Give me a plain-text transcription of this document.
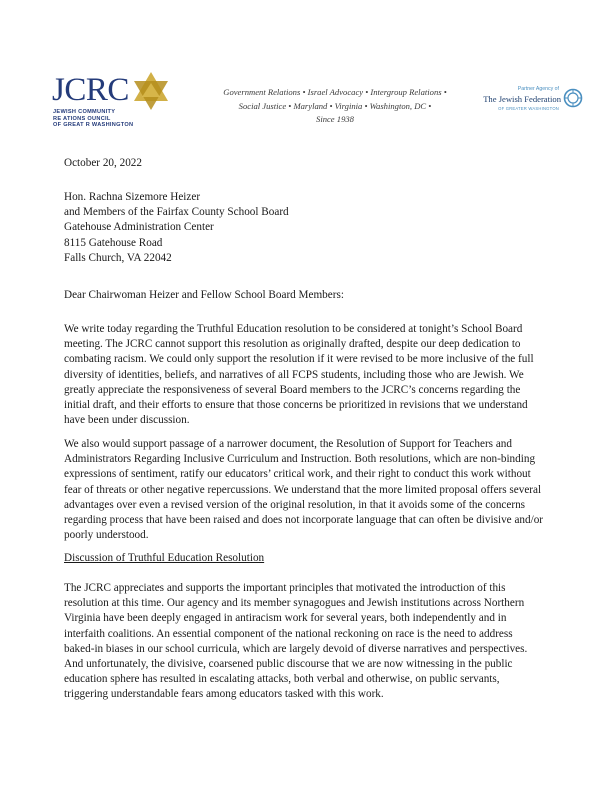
JCRC
JEWISH COMMUNITY
RE ATIONS OUNCIL
OF GREAT R WASHINGTON
Government Relations • Israel Advocacy • Intergroup Relations •
Social Justice • Maryland • Virginia • Washington, DC •
Since 1938
Partner Agency of
The Jewish Federation
OF GREATER WASHINGTON
October 20, 2022
Hon. Rachna Sizemore Heizer
and Members of the Fairfax County School Board
Gatehouse Administration Center
8115 Gatehouse Road
Falls Church, VA 22042
Dear Chairwoman Heizer and Fellow School Board Members:

We write today regarding the Truthful Education resolution to be considered at tonight’s School Board meeting. The JCRC cannot support this resolution as originally drafted, despite our deep dedication to combating racism. We could only support the resolution if it were revised to be more inclusive of the full diversity of identities, beliefs, and narratives of all FCPS students, including those who are Jewish. We greatly appreciate the responsiveness of several Board members to the JCRC’s concerns regarding the initial draft, and their efforts to ensure that those concerns be prioritized in revisions that we understand have been under discussion.

We also would support passage of a narrower document, the Resolution of Support for Teachers and Administrators Regarding Inclusive Curriculum and Instruction. Both resolutions, which are non-binding expressions of sentiment, ratify our educators’ critical work, and their right to conduct this work without fear of threats or other negative repercussions. We understand that the more limited proposal offers several advantages over even a revised version of the original resolution, in that it avoids some of the concerns regarding process that have been raised and does not incorporate language that can often be divisive and/or poorly understood.

Discussion of Truthful Education Resolution

The JCRC appreciates and supports the important principles that motivated the introduction of this resolution at this time. Our agency and its member synagogues and Jewish institutions across Northern Virginia have been deeply engaged in antiracism work for several years, both independently and in interfaith coalitions. An essential component of the national reckoning on race is the need to address baked-in biases in our school curricula, which are largely devoid of diverse narratives and perspectives. And unfortunately, the divisive, coarsened public discourse that we are now witnessing in the public education sphere has resulted in escalating attacks, both verbal and otherwise, on public servants, triggering understandable fears among educators tasked with this work.
